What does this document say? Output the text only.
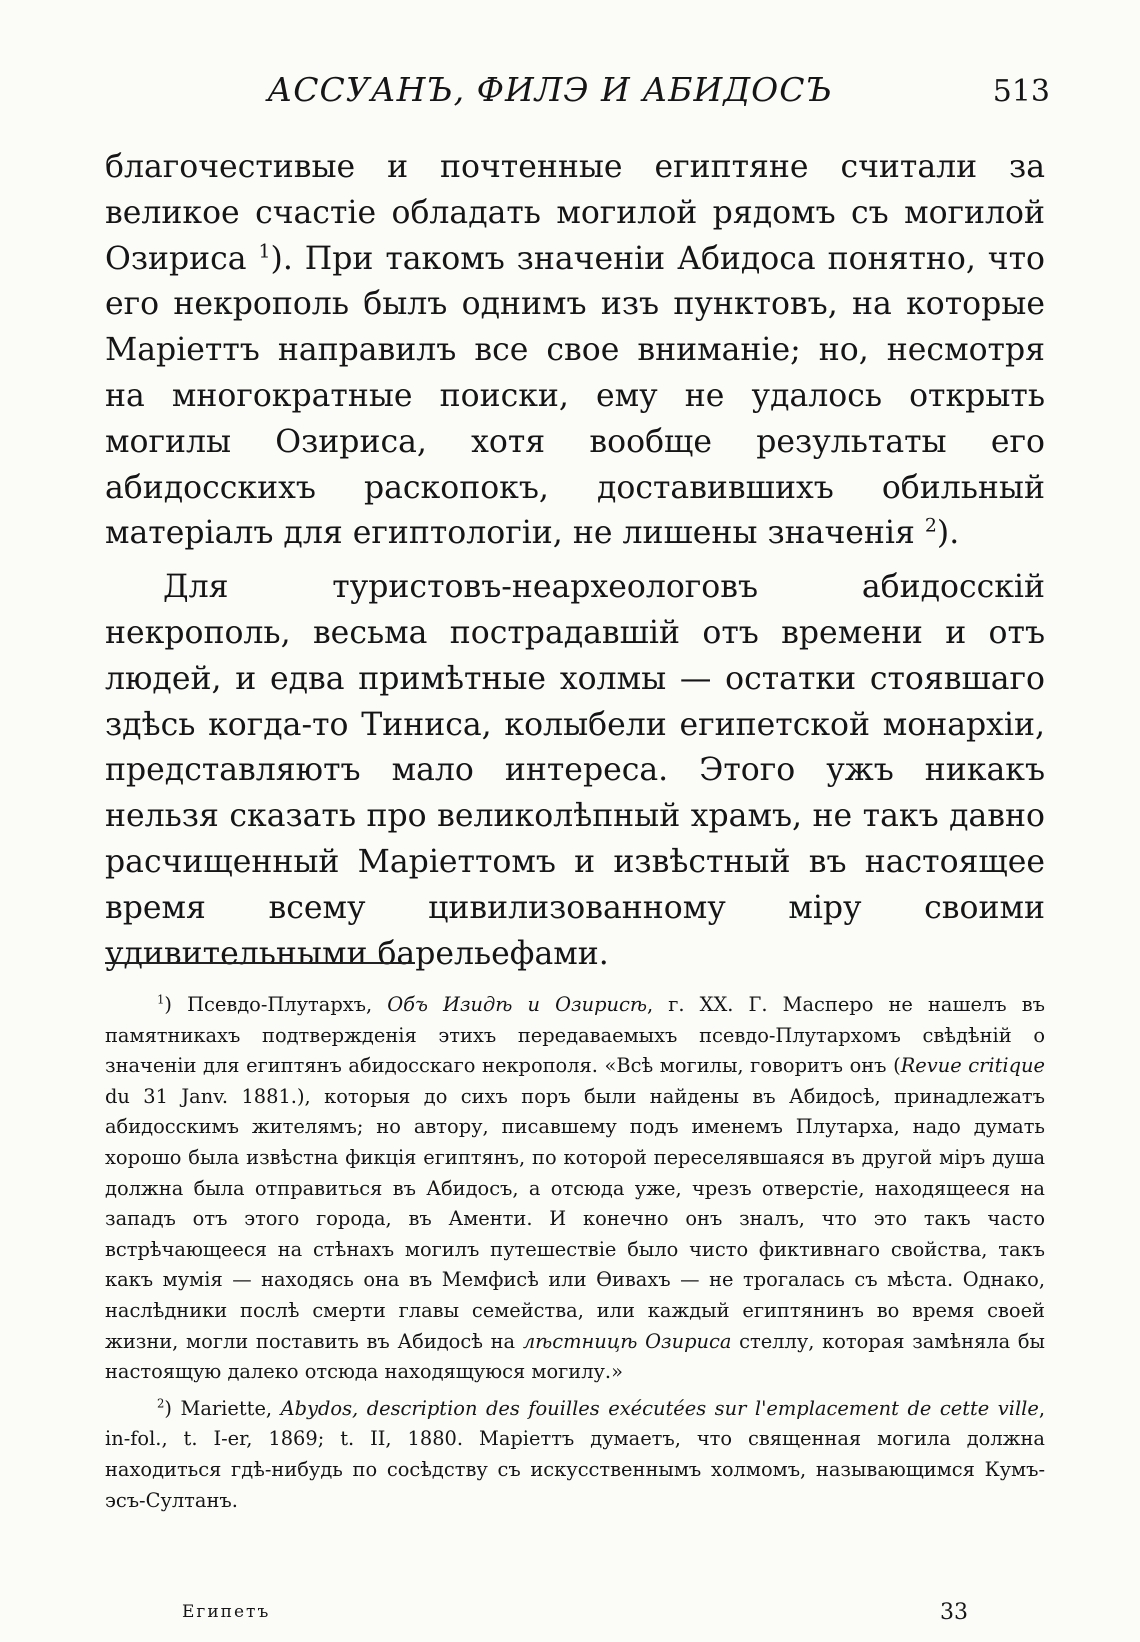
АССУАНЪ, ФИЛЭ И АБИДОСЪ	513

благочестивые и почтенные египтяне считали за великое счастіе обладать могилой рядомъ съ могилой Озириса $^1$). При такомъ значеніи Абидоса понятно, что его некрополь былъ однимъ изъ пунктовъ, на которые Маріеттъ направилъ все свое вниманіе; но, несмотря на многократные поиски, ему не удалось открыть могилы Озириса, хотя вообще результаты его абидосскихъ раскопокъ, доставившихъ обильный матеріалъ для египтологіи, не лишены значенія $^2$).

Для туристовъ-неархеологовъ абидосскій некрополь, весьма пострадавшій отъ времени и отъ людей, и едва примѣтные холмы — остатки стоявшаго здѣсь когда-то Тиниса, колыбели египетской монархіи, представляютъ мало интереса. Этого ужъ никакъ нельзя сказать про великолѣпный храмъ, не такъ давно расчищенный Маріеттомъ и извѣстный въ настоящее время всему цивилизованному міру своими удивительными барельефами.

$^1$) Псевдо-Плутархъ, Объ Изидѣ и Озирисѣ, г. XX. Г. Масперо не нашелъ въ памятникахъ подтвержденія этихъ передаваемыхъ псевдо-Плутархомъ свѣдѣній о значеніи для египтянъ абидосскаго некрополя. «Всѣ могилы, говоритъ онъ (Revue critique du 31 Janv. 1881.), которыя до сихъ поръ были найдены въ Абидосѣ, принадлежатъ абидосскимъ жителямъ; но автору, писавшему подъ именемъ Плутарха, надо думать хорошо была извѣстна фикція египтянъ, по которой переселявшаяся въ другой міръ душа должна была отправиться въ Абидосъ, а отсюда уже, чрезъ отверстіе, находящееся на западъ отъ этого города, въ Аменти. И конечно онъ зналъ, что это такъ часто встрѣчающееся на стѣнахъ могилъ путешествіе было чисто фиктивнаго свойства, такъ какъ мумія — находясь она въ Мемфисѣ или Ѳивахъ — не трогалась съ мѣста. Однако, наслѣдники послѣ смерти главы семейства, или каждый египтянинъ во время своей жизни, могли поставить въ Абидосѣ на лѣстницѣ Озириса стеллу, которая замѣняла бы настоящую далеко отсюда находящуюся могилу.»

$^2$) Mariette, Abydos, description des fouilles exécutées sur l'emplacement de cette ville, in-fol., t. I-er, 1869; t. II, 1880. Маріеттъ думаетъ, что священная могила должна находиться гдѣ-нибудь по сосѣдству съ искусственнымъ холмомъ, называющимся Кумъ-эсъ-Султанъ.

Египетъ	33
